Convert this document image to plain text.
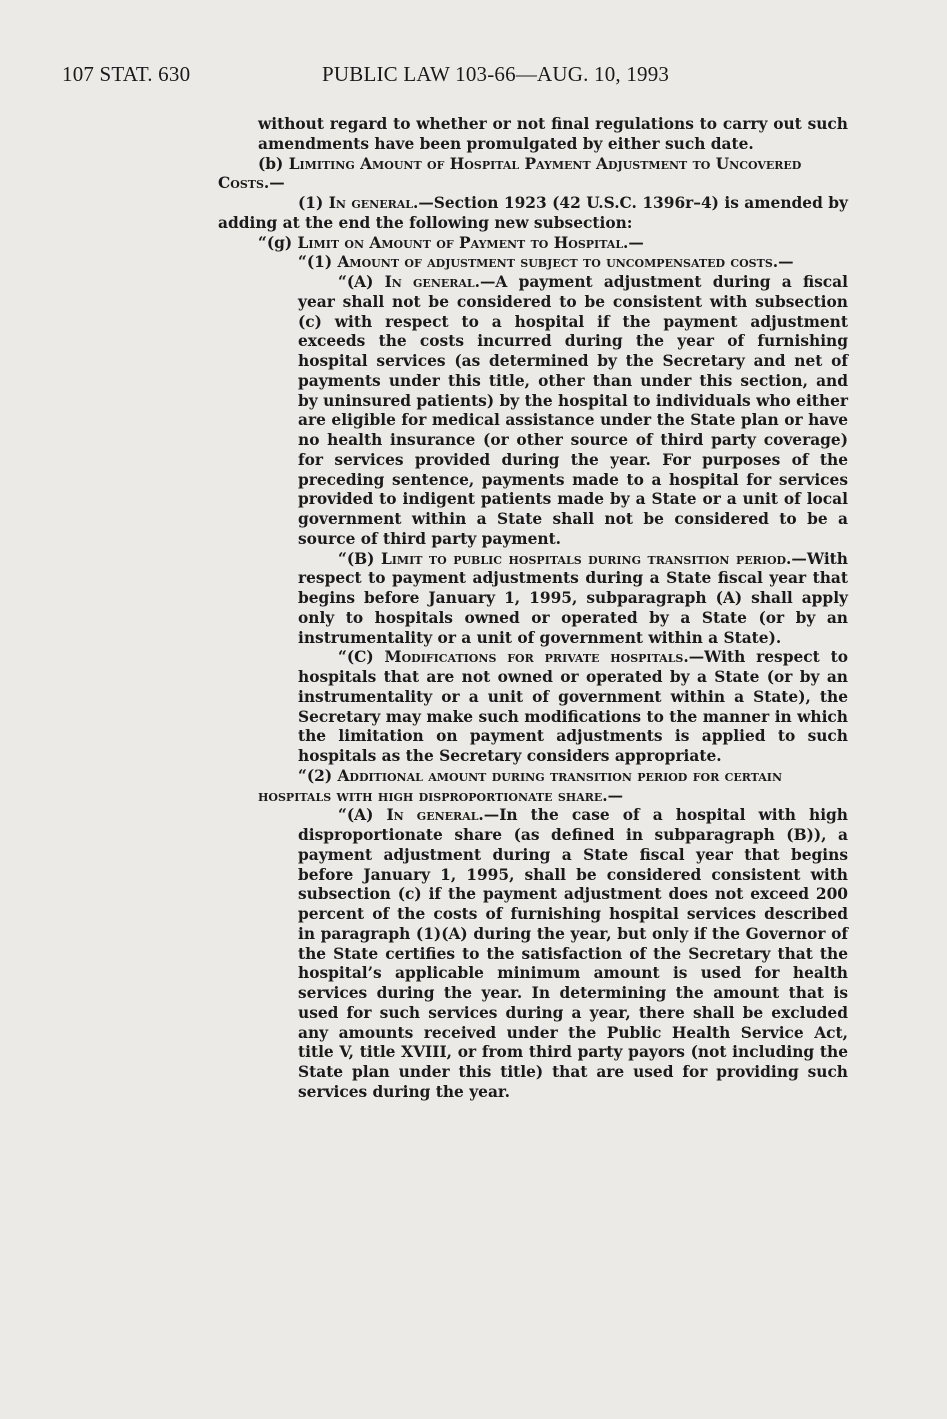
107 STAT. 630	PUBLIC LAW 103-66—AUG. 10, 1993
without regard to whether or not final regulations to carry out such amendments have been promulgated by either such date.
(b) Limiting Amount of Hospital Payment Adjustment to Uncovered Costs.—
(1) In general.—Section 1923 (42 U.S.C. 1396r–4) is amended by adding at the end the following new subsection:
“(g) Limit on Amount of Payment to Hospital.—
“(1) Amount of adjustment subject to uncompensated costs.—
“(A) In general.—A payment adjustment during a fiscal year shall not be considered to be consistent with subsection (c) with respect to a hospital if the payment adjustment exceeds the costs incurred during the year of furnishing hospital services (as determined by the Secretary and net of payments under this title, other than under this section, and by uninsured patients) by the hospital to individuals who either are eligible for medical assistance under the State plan or have no health insurance (or other source of third party coverage) for services provided during the year. For purposes of the preceding sentence, payments made to a hospital for services provided to indigent patients made by a State or a unit of local government within a State shall not be considered to be a source of third party payment.
“(B) Limit to public hospitals during transition period.—With respect to payment adjustments during a State fiscal year that begins before January 1, 1995, subparagraph (A) shall apply only to hospitals owned or operated by a State (or by an instrumentality or a unit of government within a State).
“(C) Modifications for private hospitals.—With respect to hospitals that are not owned or operated by a State (or by an instrumentality or a unit of government within a State), the Secretary may make such modifications to the manner in which the limitation on payment adjustments is applied to such hospitals as the Secretary considers appropriate.
“(2) Additional amount during transition period for certain hospitals with high disproportionate share.—
“(A) In general.—In the case of a hospital with high disproportionate share (as defined in subparagraph (B)), a payment adjustment during a State fiscal year that begins before January 1, 1995, shall be considered consistent with subsection (c) if the payment adjustment does not exceed 200 percent of the costs of furnishing hospital services described in paragraph (1)(A) during the year, but only if the Governor of the State certifies to the satisfaction of the Secretary that the hospital’s applicable minimum amount is used for health services during the year. In determining the amount that is used for such services during a year, there shall be excluded any amounts received under the Public Health Service Act, title V, title XVIII, or from third party payors (not including the State plan under this title) that are used for providing such services during the year.
